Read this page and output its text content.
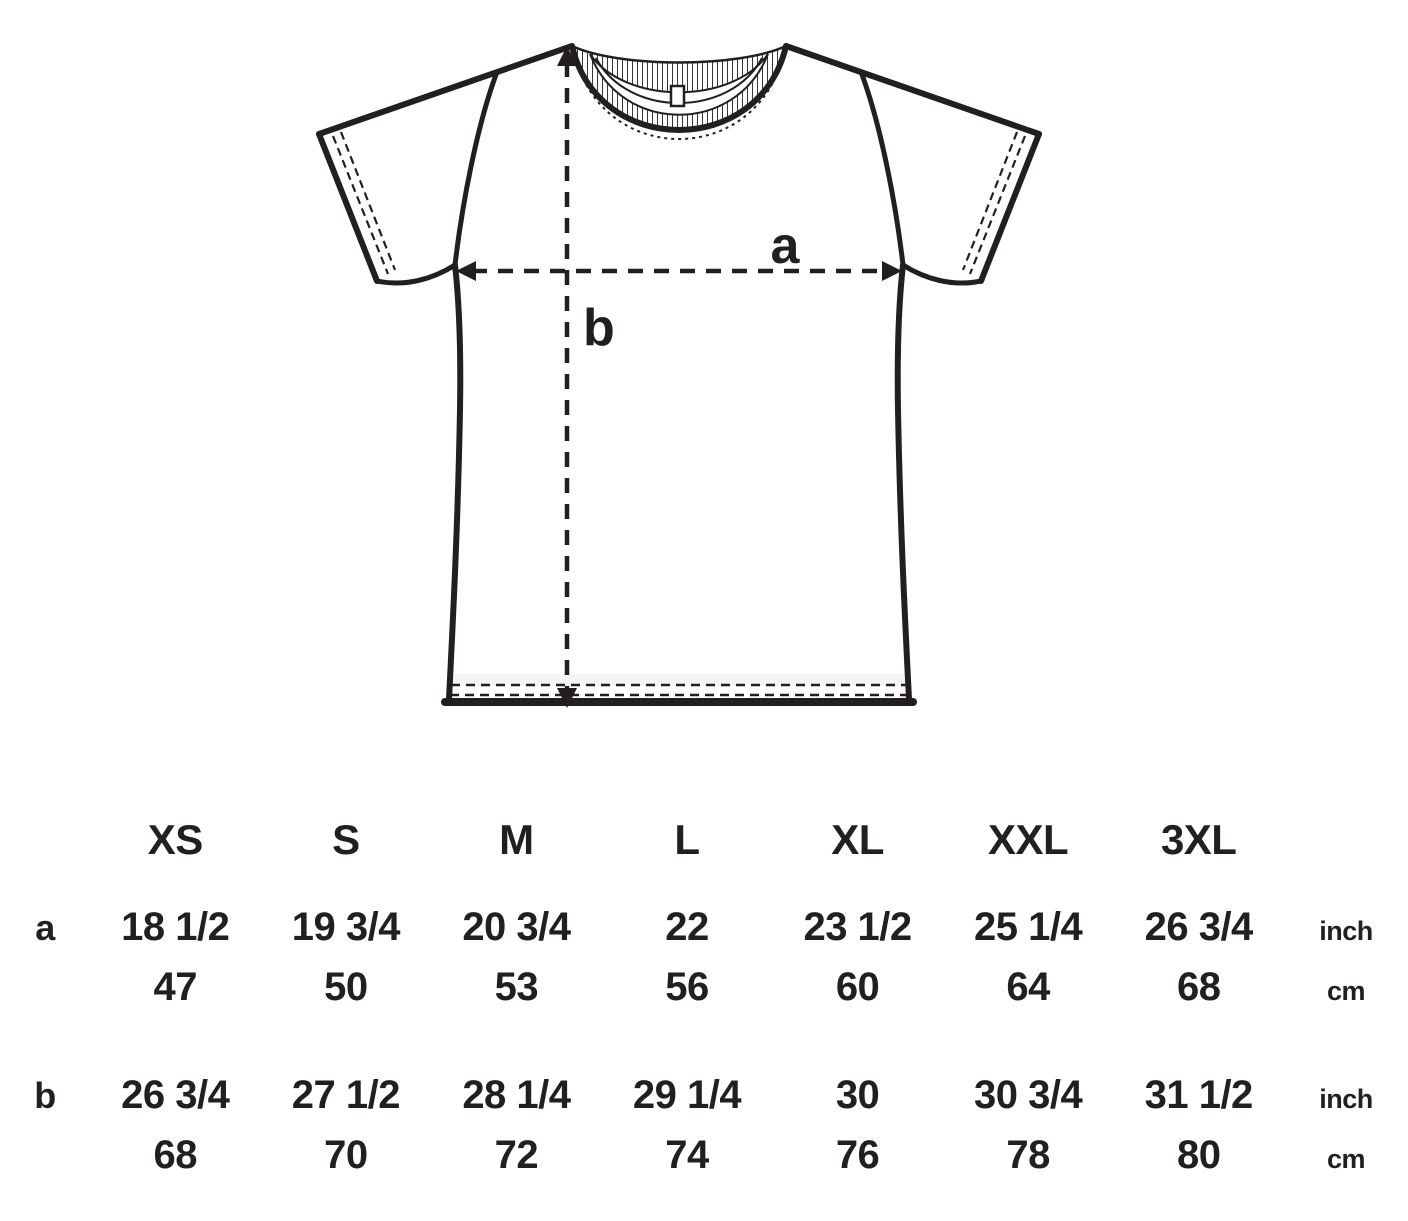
a
b
XS	S	M	L	XL	XXL	3XL
a	18 1/2	19 3/4	20 3/4	22	23 1/2	25 1/4	26 3/4	inch
47	50	53	56	60	64	68	cm
b	26 3/4	27 1/2	28 1/4	29 1/4	30	30 3/4	31 1/2	inch
68	70	72	74	76	78	80	cm
